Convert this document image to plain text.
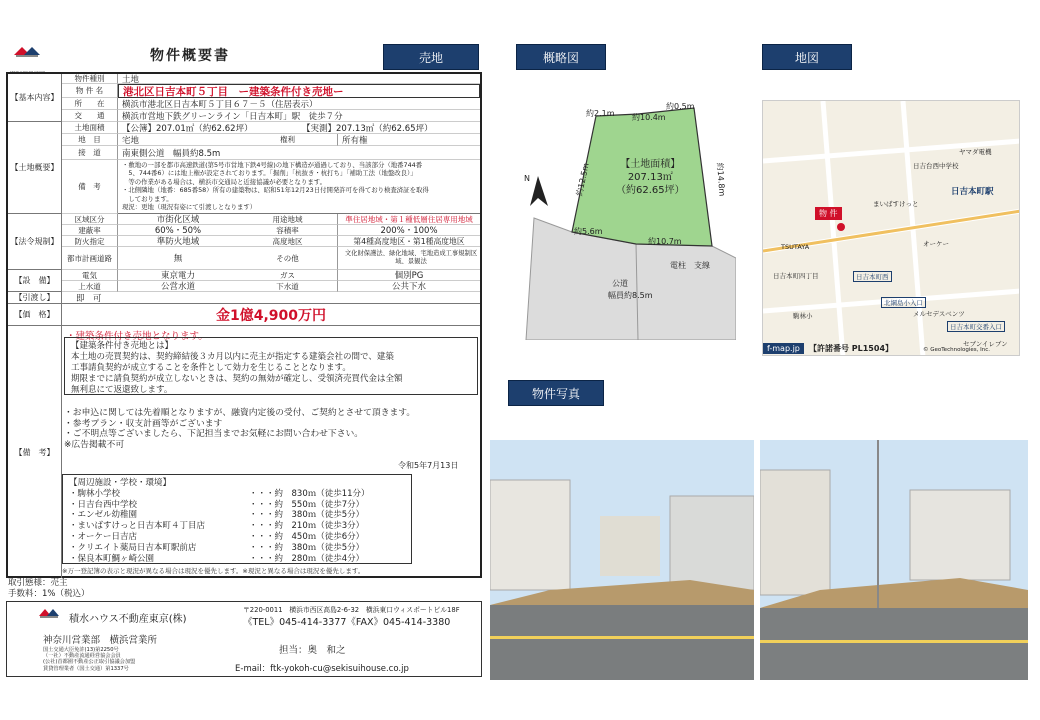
SEKISUI HOUSE GROUP
物件概要書	売地	概略図	地図
物件写真
【基本内容】
物件種別	土地
物 件 名	港北区日吉本町５丁目　ー建築条件付き売地ー
所　　在	横浜市港北区日吉本町５丁目６７－５（住居表示）
交　　通	横浜市営地下鉄グリーンライン「日吉本町」駅　徒歩７分
【土地概要】
土地面積	【公簿】207.01㎡（約62.62坪）	【実測】207.13㎡（約62.65坪）
地　目	宅地	権利	所有権
接　道	南東側公道　幅員約8.5m
備　考
・敷地の一部を都市高速鉄道(第5号市営地下鉄4号線)の地下構造が通過しており、当該部分（地番744番
　5、744番6）には地上権が設定されております。「掘削」「杭抜き・杭打ち」「補助工法（地盤改良）」
　等の作業がある場合は、横浜市交通局と近接協議が必要となります。
・北側隣地（地番：685番58）所有の建築物は、昭和51年12月23日付開発許可を得ており検査済証を取得
　しております。
現況：更地（現況有姿にて引渡しとなります）
【法令規制】
区域区分	市街化区域	用途地域	準住居地域・第１種低層住居専用地域
建蔽率	60%・50%	容積率	200%・100%
防火指定	準防火地域	高度地区	第4種高度地区・第1種高度地区
都市計画道路	無	その他	文化財保護法、緑化地域、宅地造成工事規制区域、景観法
【設　備】
電気	東京電力	ガス	個別PG
上水道	公営水道	下水道	公共下水
【引渡し】	即　可
【価　格】	金1億4,900万円
【備　考】
・建築条件付き売地となります。
【建築条件付き売地とは】
本土地の売買契約は、契約締結後３カ月以内に売主が指定する建築会社の間で、建築
工事請負契約が成立することを条件として効力を生じることとなります。
期限までに請負契約が成立しないときは、契約の無効が確定し、受領済売買代金は全額
無利息にて返還致します。
・お申込に関しては先着順となりますが、融資内定後の受付、ご契約とさせて頂きます。
・参考プラン・収支計画等がございます
・ご不明点等ございましたら、下記担当までお気軽にお問い合わせ下さい。
※広告掲載不可
令和5年7月13日
【周辺施設・学校・環境】
・駒林小学校	・・・約　830ｍ（徒歩11分）
・日吉台西中学校	・・・約　550ｍ（徒歩7分）
・エンゼル幼稚園	・・・約　380ｍ（徒歩5分）
・まいばすけっと日吉本町４丁目店	・・・約　210ｍ（徒歩3分）
・オーケー日吉店	・・・約　450ｍ（徒歩6分）
・クリエイト薬局日吉本町駅前店	・・・約　380ｍ（徒歩5分）
・保良本町鯛ヶ崎公園	・・・約　280ｍ（徒歩4分）
※万一登記簿の表示と現況が異なる場合は現況を優先します。※現況と異なる場合は現況を優先します。
取引態様：売主
手数料：1%（税込）
積水ハウス不動産東京(株)
神奈川営業部　横浜営業所
国土交通大臣免許(13)第2250号
（一社）不動産流通経営協会会員
(公社)首都圏不動産公正取引協議会加盟
賃貸管理業者（国土交通）第1337号
〒220-0011　横浜市西区高島2-6-32　横浜東口ウィスポートビル18F
《TEL》045-414-3377《FAX》045-414-3380
担当：奥　和之
E-mail：ftk-yokoh-cu@sekisuihouse.co.jp
約2.1m 約10.4m
約0.5m
約12.5m	約14.8m
約5.6m
約10.7m
【土地面積】
207.13㎡
（約62.65坪）
N
電柱 支線
公道
幅員約8.5m
日吉本町駅
物 件
TSUTAYA	オーケー
日吉本町西
北綱島小入口
日吉本町交番入口
まいばすけっと
日吉台西中学校
ヤマダ電機
メルセデスベンツ
セブンイレブン
日吉本町四丁目
駒林小
f-map.jp	【許諾番号 PL1504】	© GeoTechnologies, Inc.
